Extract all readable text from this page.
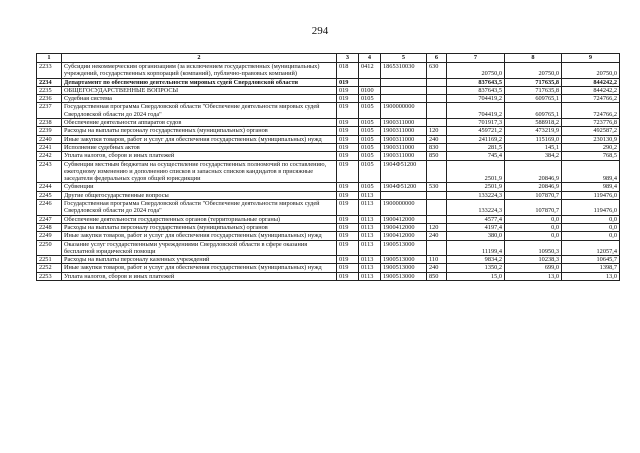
294
1	2	3	4	5	6	7	8	9
2233	Субсидии некоммерческим организациям (за исключением государственных (муниципальных) учреждений, государственных корпораций (компаний), публично-правовых компаний)	018	0412	1865310030	630	20750,0	20750,0	20750,0
2234	Департамент по обеспечению деятельности мировых судей Свердловской области	019				837643,5	717635,8	844242,2
2235	ОБЩЕГОСУДАРСТВЕННЫЕ ВОПРОСЫ	019	0100			837643,5	717635,8	844242,2
2236	Судебная система	019	0105			704419,2	609765,1	724766,2
2237	Государственная программа Свердловской области "Обеспечение деятельности мировых судей Свердловской области до 2024 года"	019	0105	1900000000		704419,2	609765,1	724766,2
2238	Обеспечение деятельности аппаратов судов	019	0105	1900311000		701917,3	588918,2	723776,8
2239	Расходы на выплаты персоналу государственных (муниципальных) органов	019	0105	1900311000	120	459721,2	473219,9	492587,2
2240	Иные закупки товаров, работ и услуг для обеспечения государственных (муниципальных) нужд	019	0105	1900311000	240	241169,2	115169,0	230130,9
2241	Исполнение судебных актов	019	0105	1900311000	830	281,5	145,1	290,2
2242	Уплата налогов, сборов и иных платежей	019	0105	1900311000	850	745,4	384,2	768,5
2243	Субвенции местным бюджетам на осуществление государственных полномочий по составлению, ежегодному изменению и дополнению списков и запасных списков кандидатов в присяжные заседатели федеральных судов общей юрисдикции	019	0105	1904Ф51200		2501,9	20846,9	989,4
2244	Субвенции	019	0105	1904Ф51200	530	2501,9	20846,9	989,4
2245	Другие общегосударственные вопросы	019	0113			133224,3	107870,7	119476,0
2246	Государственная программа Свердловской области "Обеспечение деятельности мировых судей Свердловской области до 2024 года"	019	0113	1900000000		133224,3	107870,7	119476,0
2247	Обеспечение деятельности государственных органов (территориальные органы)	019	0113	1900412000		4577,4	0,0	0,0
2248	Расходы на выплаты персоналу государственных (муниципальных) органов	019	0113	1900412000	120	4197,4	0,0	0,0
2249	Иные закупки товаров, работ и услуг для обеспечения государственных (муниципальных) нужд	019	0113	1900412000	240	380,0	0,0	0,0
2250	Оказание услуг государственными учреждениями Свердловской области в сфере оказания бесплатной юридической помощи	019	0113	1900513000		11199,4	10950,3	12057,4
2251	Расходы на выплаты персоналу казенных учреждений	019	0113	1900513000	110	9834,2	10238,3	10645,7
2252	Иные закупки товаров, работ и услуг для обеспечения государственных (муниципальных) нужд	019	0113	1900513000	240	1350,2	699,0	1398,7
2253	Уплата налогов, сборов и иных платежей	019	0113	1900513000	850	15,0	13,0	13,0
